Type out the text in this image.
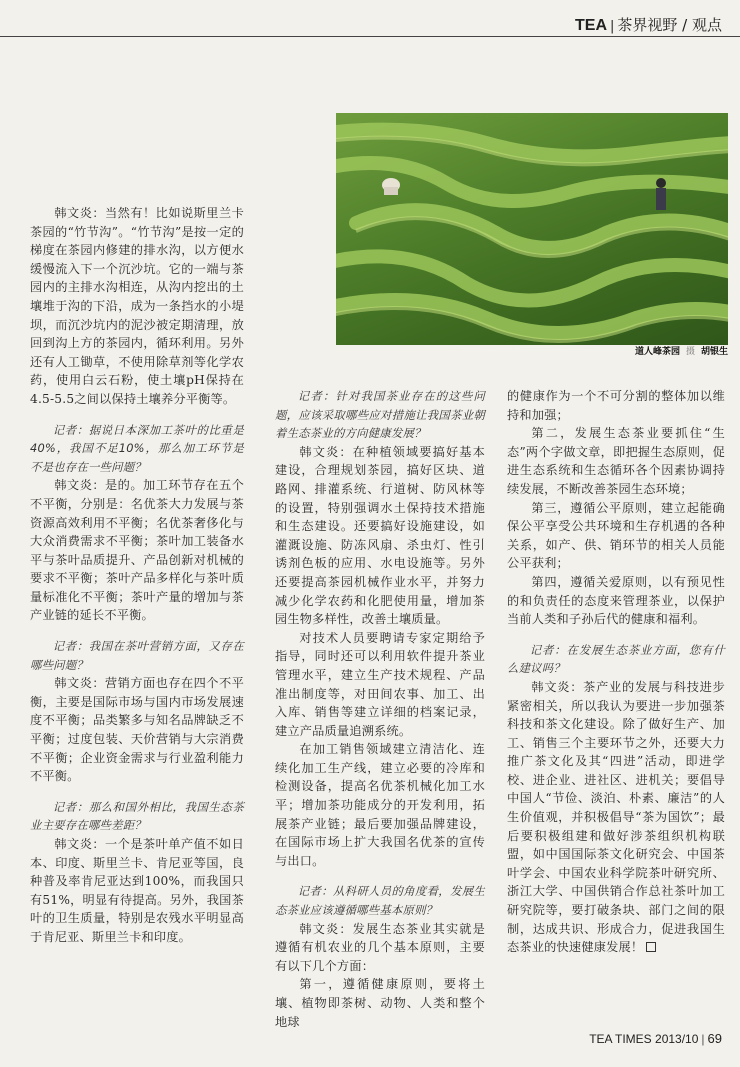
TEA | 茶界视野 / 观点
道人峰茶园 摄 胡银生

韩文炎：当然有！比如说斯里兰卡茶园的“竹节沟”。“竹节沟”是按一定的梯度在茶园内修建的排水沟，以方便水缓慢流入下一个沉沙坑。它的一端与茶园内的主排水沟相连，从沟内挖出的土壤堆于沟的下沿，成为一条挡水的小堤坝，而沉沙坑内的泥沙被定期清理，放回到沟上方的茶园内，循环利用。另外还有人工锄草，不使用除草剂等化学农药，使用白云石粉，使土壤pH保持在4.5-5.5之间以保持土壤养分平衡等。

记者：据说日本深加工茶叶的比重是40%，我国不足10%，那么加工环节是不是也存在一些问题？

韩文炎：是的。加工环节存在五个不平衡，分别是：名优茶大力发展与茶资源高效利用不平衡；名优茶奢侈化与大众消费需求不平衡；茶叶加工装备水平与茶叶品质提升、产品创新对机械的要求不平衡；茶叶产品多样化与茶叶质量标准化不平衡；茶叶产量的增加与茶产业链的延长不平衡。

记者：我国在茶叶营销方面，又存在哪些问题？

韩文炎：营销方面也存在四个不平衡，主要是国际市场与国内市场发展速度不平衡；品类繁多与知名品牌缺乏不平衡；过度包装、天价营销与大宗消费不平衡；企业资金需求与行业盈利能力不平衡。

记者：那么和国外相比，我国生态茶业主要存在哪些差距？

韩文炎：一个是茶叶单产值不如日本、印度、斯里兰卡、肯尼亚等国，良种普及率肯尼亚达到100%，而我国只有51%，明显有待提高。另外，我国茶叶的卫生质量，特别是农残水平明显高于肯尼亚、斯里兰卡和印度。

记者：针对我国茶业存在的这些问题，应该采取哪些应对措施让我国茶业朝着生态茶业的方向健康发展？

韩文炎：在种植领域要搞好基本建设，合理规划茶园，搞好区块、道路网、排灌系统、行道树、防风林等的设置，特别强调水土保持技术措施和生态建设。还要搞好设施建设，如灌溉设施、防冻风扇、杀虫灯、性引诱剂色板的应用、水电设施等。另外还要提高茶园机械作业水平，并努力减少化学农药和化肥使用量，增加茶园生物多样性，改善土壤质量。

对技术人员要聘请专家定期给予指导，同时还可以利用软件提升茶业管理水平，建立生产技术规程、产品准出制度等，对田间农事、加工、出入库、销售等建立详细的档案记录，建立产品质量追溯系统。

在加工销售领域建立清洁化、连续化加工生产线，建立必要的冷库和检测设备，提高名优茶机械化加工水平；增加茶功能成分的开发利用，拓展茶产业链；最后要加强品牌建设，在国际市场上扩大我国名优茶的宣传与出口。

记者：从科研人员的角度看，发展生态茶业应该遵循哪些基本原则？

韩文炎：发展生态茶业其实就是遵循有机农业的几个基本原则，主要有以下几个方面：

第一，遵循健康原则，要将土壤、植物即茶树、动物、人类和整个地球

的健康作为一个不可分割的整体加以维持和加强；

第二，发展生态茶业要抓住“生态”两个字做文章，即把握生态原则，促进生态系统和生态循环各个因素协调持续发展，不断改善茶园生态环境；

第三，遵循公平原则，建立起能确保公平享受公共环境和生存机遇的各种关系，如产、供、销环节的相关人员能公平获利；

第四，遵循关爱原则，以有预见性的和负责任的态度来管理茶业，以保护当前人类和子孙后代的健康和福利。

记者：在发展生态茶业方面，您有什么建议吗？

韩文炎：茶产业的发展与科技进步紧密相关，所以我认为要进一步加强茶科技和茶文化建设。除了做好生产、加工、销售三个主要环节之外，还要大力推广茶文化及其“四进”活动，即进学校、进企业、进社区、进机关；要倡导中国人“节俭、淡泊、朴素、廉洁”的人生价值观，并积极倡导“茶为国饮”；最后要积极组建和做好涉茶组织机构联盟，如中国国际茶文化研究会、中国茶叶学会、中国农业科学院茶叶研究所、浙江大学、中国供销合作总社茶叶加工研究院等，要打破条块、部门之间的限制，达成共识、形成合力，促进我国生态茶业的快速健康发展！

TEA TIMES 2013/10 | 69
